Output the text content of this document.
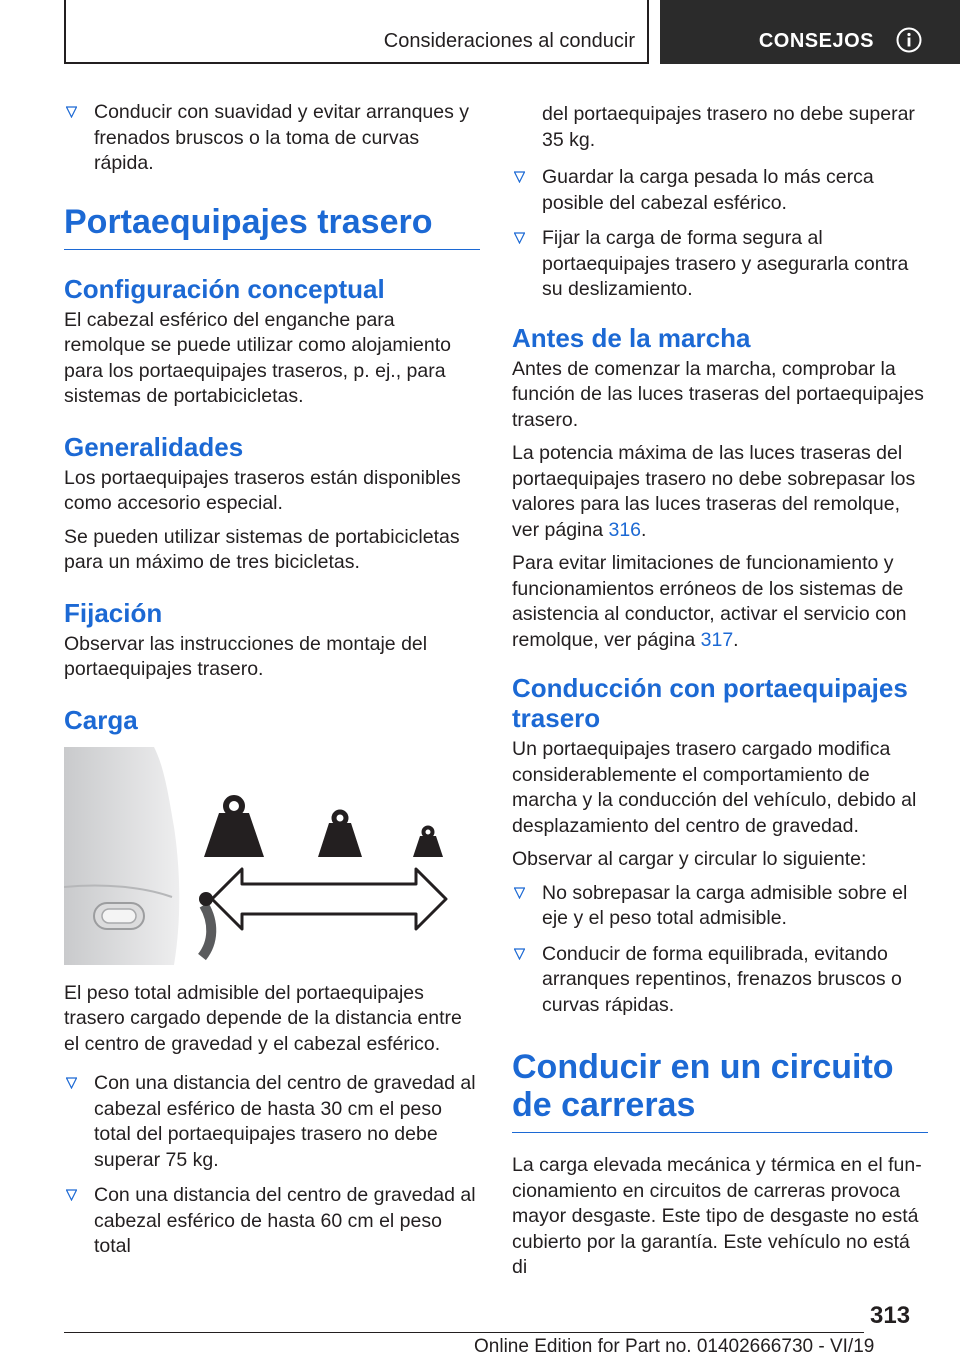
Consideraciones al conducir	CONSEJOS
Conducir con suavidad y evitar arranques y frenados bruscos o la toma de curvas rápida.
Portaequipajes trasero
Configuración conceptual

El cabezal esférico del enganche para remolque se puede utilizar como alojamiento para los portaequipajes traseros, p. ej., para sistemas de portabicicletas.

Generalidades

Los portaequipajes traseros están disponibles como accesorio especial.

Se pueden utilizar sistemas de portabicicletas para un máximo de tres bicicletas.

Fijación

Observar las instrucciones de montaje del portaequipajes trasero.

Carga

El peso total admisible del portaequipajes trasero cargado depende de la distancia entre el centro de gravedad y el cabezal esférico.

Con una distancia del centro de gravedad al cabezal esférico de hasta 30 cm el peso total del portaequipajes trasero no debe superar 75 kg.
Con una distancia del centro de gravedad al cabezal esférico de hasta 60 cm el peso total

del portaequipajes trasero no debe superar 35 kg.

Guardar la carga pesada lo más cerca posible del cabezal esférico.
Fijar la carga de forma segura al portaequipajes trasero y asegurarla contra su deslizamiento.
Antes de la marcha

Antes de comenzar la marcha, comprobar la función de las luces traseras del portaequipajes trasero.

La potencia máxima de las luces traseras del portaequipajes trasero no debe sobrepasar los valores para las luces traseras del remolque, ver página 316.

Para evitar limitaciones de funcionamiento y funcionamientos erróneos de los sistemas de asistencia al conductor, activar el servicio con remolque, ver página 317.

Conducción con portaequipajes trasero

Un portaequipajes trasero cargado modifica considerablemente el comportamiento de marcha y la conducción del vehículo, debido al desplazamiento del centro de gravedad.

Observar al cargar y circular lo siguiente:

No sobrepasar la carga admisible sobre el eje y el peso total admisible.
Conducir de forma equilibrada, evitando arranques repentinos, frenazos bruscos o curvas rápidas.
Conducir en un circuito de carreras

La carga elevada mecánica y térmica en el funcionamiento en circuitos de carreras provoca mayor desgaste. Este tipo de desgaste no está cubierto por la garantía. Este vehículo no está di

313
Online Edition for Part no. 01402666730 - VI/19
